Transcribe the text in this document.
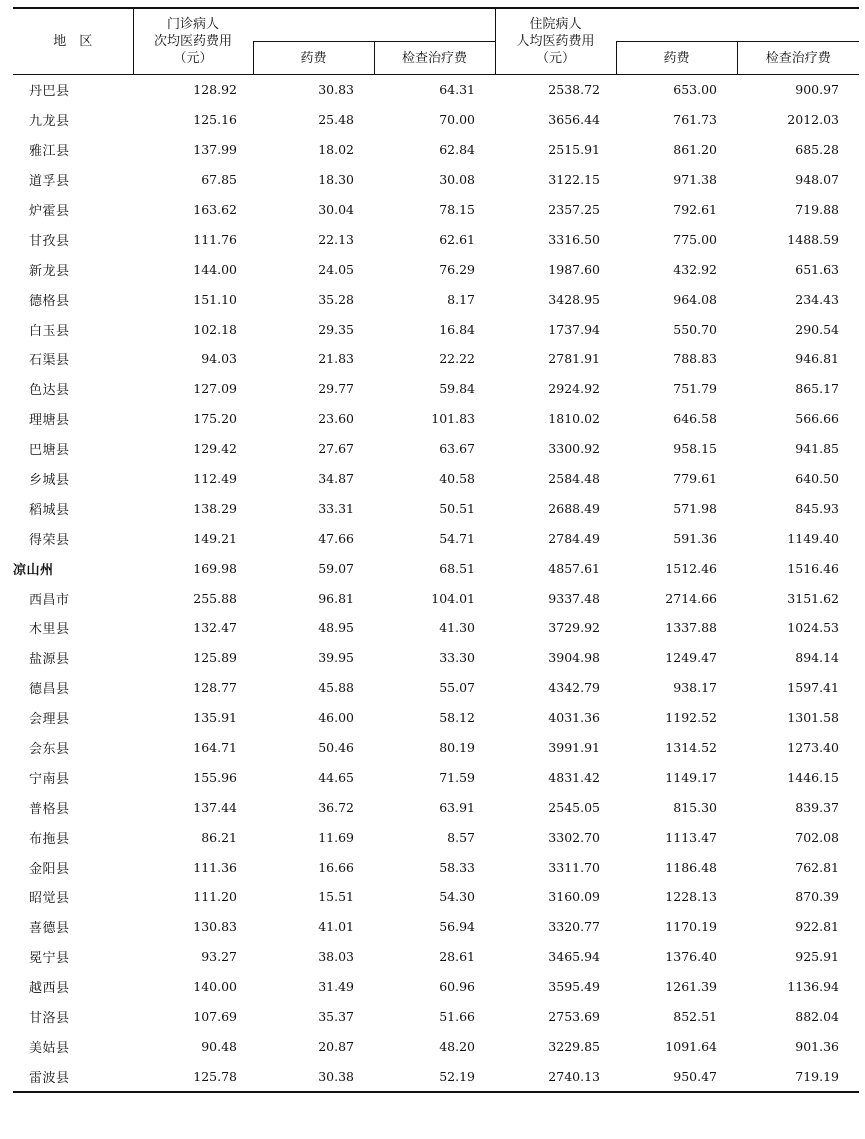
地　区	门诊病人
次均医药费用
（元）			住院病人
人均医药费用
（元）		

		药费	检查治疗费		药费	检查治疗费
丹巴县	128.92	30.83	64.31	2538.72	653.00	900.97
九龙县	125.16	25.48	70.00	3656.44	761.73	2012.03
雅江县	137.99	18.02	62.84	2515.91	861.20	685.28
道孚县	67.85	18.30	30.08	3122.15	971.38	948.07
炉霍县	163.62	30.04	78.15	2357.25	792.61	719.88
甘孜县	111.76	22.13	62.61	3316.50	775.00	1488.59
新龙县	144.00	24.05	76.29	1987.60	432.92	651.63
德格县	151.10	35.28	8.17	3428.95	964.08	234.43
白玉县	102.18	29.35	16.84	1737.94	550.70	290.54
石渠县	94.03	21.83	22.22	2781.91	788.83	946.81
色达县	127.09	29.77	59.84	2924.92	751.79	865.17
理塘县	175.20	23.60	101.83	1810.02	646.58	566.66
巴塘县	129.42	27.67	63.67	3300.92	958.15	941.85
乡城县	112.49	34.87	40.58	2584.48	779.61	640.50
稻城县	138.29	33.31	50.51	2688.49	571.98	845.93
得荣县	149.21	47.66	54.71	2784.49	591.36	1149.40
凉山州	169.98	59.07	68.51	4857.61	1512.46	1516.46
西昌市	255.88	96.81	104.01	9337.48	2714.66	3151.62
木里县	132.47	48.95	41.30	3729.92	1337.88	1024.53
盐源县	125.89	39.95	33.30	3904.98	1249.47	894.14
德昌县	128.77	45.88	55.07	4342.79	938.17	1597.41
会理县	135.91	46.00	58.12	4031.36	1192.52	1301.58
会东县	164.71	50.46	80.19	3991.91	1314.52	1273.40
宁南县	155.96	44.65	71.59	4831.42	1149.17	1446.15
普格县	137.44	36.72	63.91	2545.05	815.30	839.37
布拖县	86.21	11.69	8.57	3302.70	1113.47	702.08
金阳县	111.36	16.66	58.33	3311.70	1186.48	762.81
昭觉县	111.20	15.51	54.30	3160.09	1228.13	870.39
喜德县	130.83	41.01	56.94	3320.77	1170.19	922.81
冕宁县	93.27	38.03	28.61	3465.94	1376.40	925.91
越西县	140.00	31.49	60.96	3595.49	1261.39	1136.94
甘洛县	107.69	35.37	51.66	2753.69	852.51	882.04
美姑县	90.48	20.87	48.20	3229.85	1091.64	901.36
雷波县	125.78	30.38	52.19	2740.13	950.47	719.19
